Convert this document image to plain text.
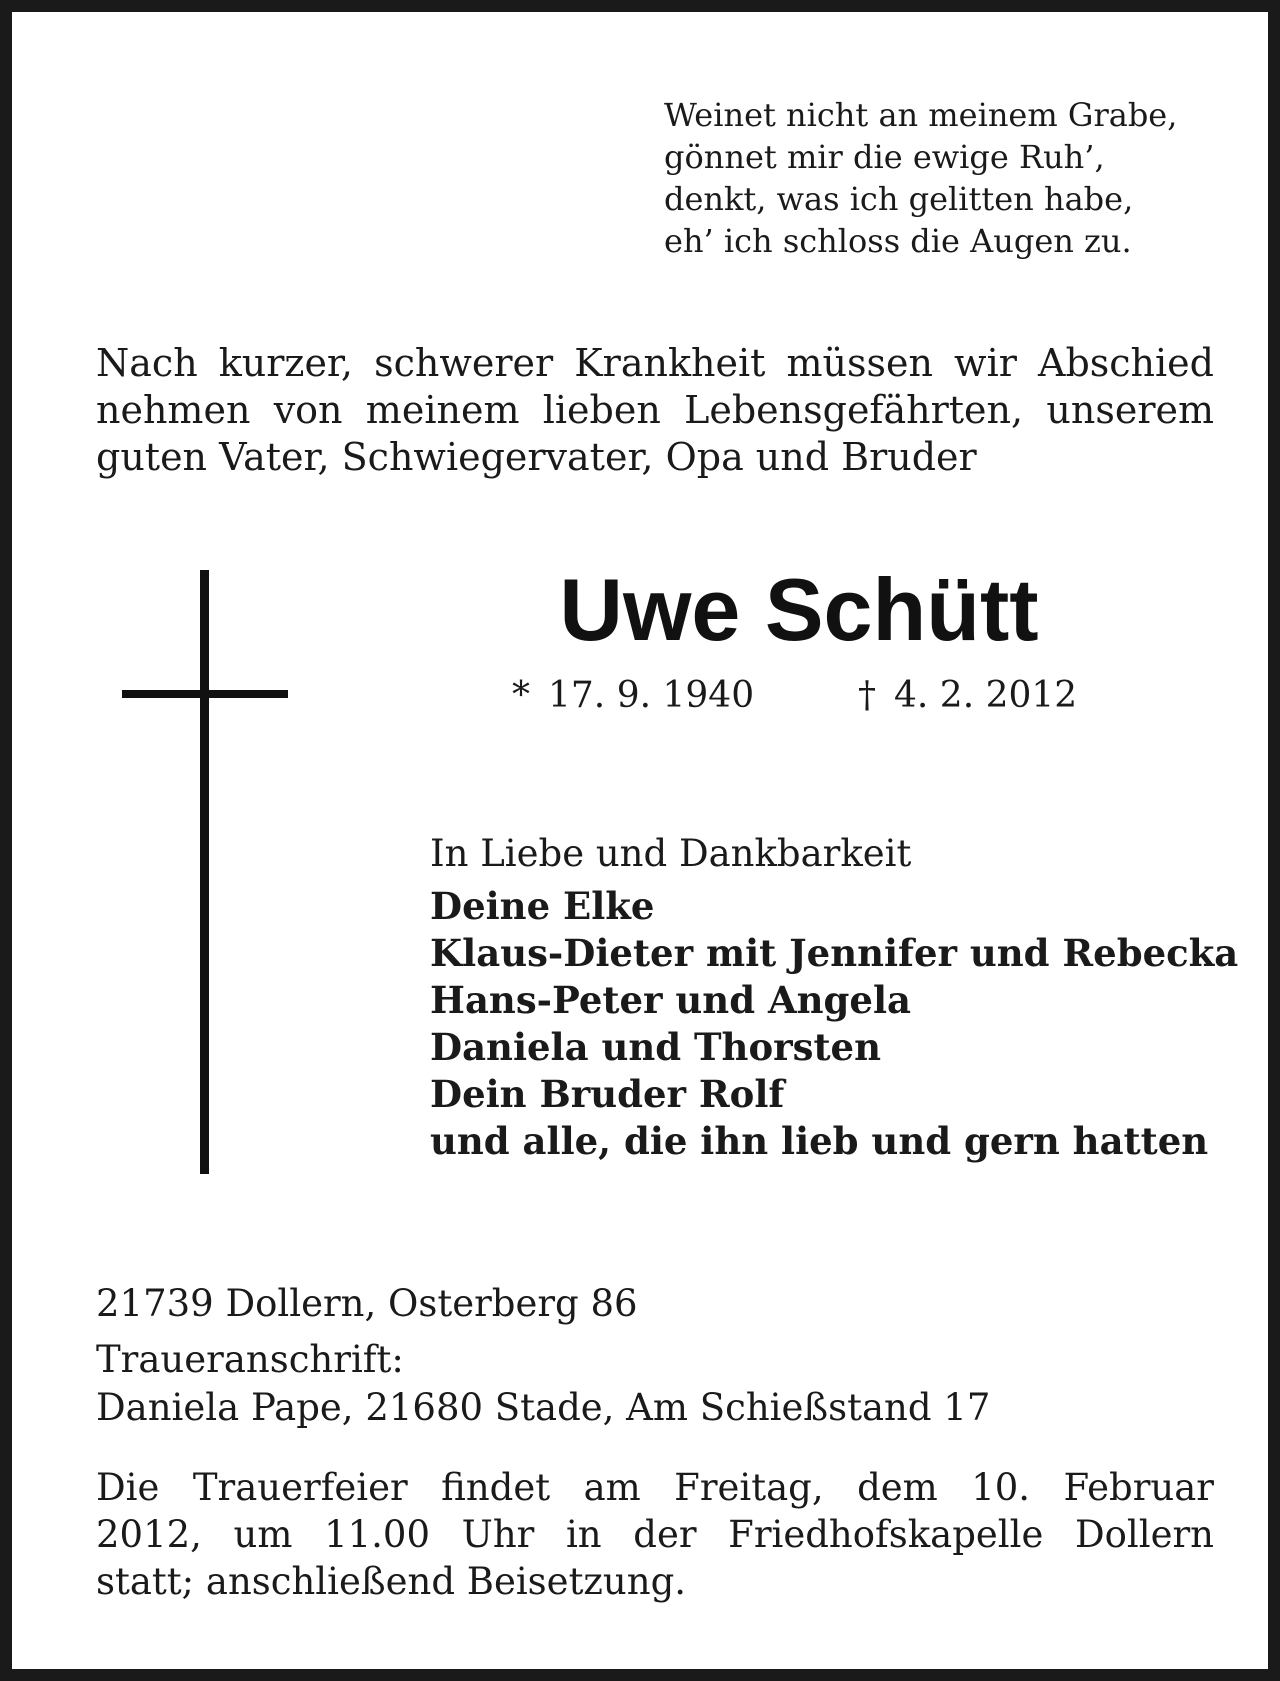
Weinet nicht an meinem Grabe,
gönnet mir die ewige Ruh’,
denkt, was ich gelitten habe,
eh’ ich schloss die Augen zu.
Nach kurzer, schwerer Krankheit müssen wir Abschied
nehmen von meinem lieben Lebensgefährten, unserem
guten Vater, Schwiegervater, Opa und Bruder
Uwe Schütt
* 17. 9. 1940	† 4. 2. 2012
In Liebe und Dankbarkeit
Deine Elke
Klaus-Dieter mit Jennifer und Rebecka
Hans-Peter und Angela
Daniela und Thorsten
Dein Bruder Rolf
und alle, die ihn lieb und gern hatten
21739 Dollern, Osterberg 86
Traueranschrift:
Daniela Pape, 21680 Stade, Am Schießstand 17
Die Trauerfeier findet am Freitag, dem 10. Februar
2012, um 11.00 Uhr in der Friedhofskapelle Dollern
statt; anschließend Beisetzung.
